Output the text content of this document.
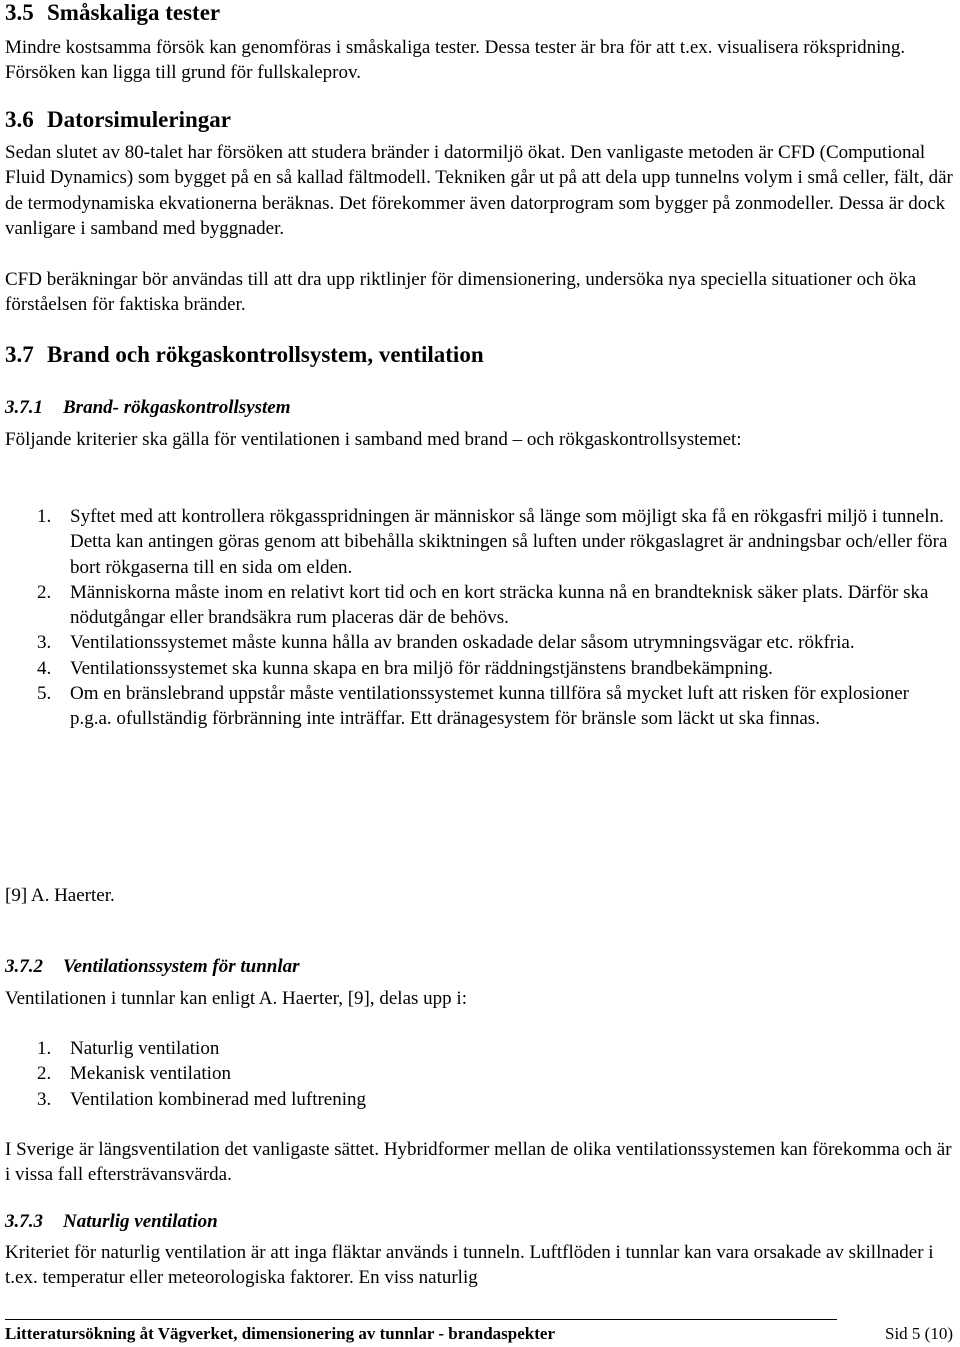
3.5 Småskaliga tester

Mindre kostsamma försök kan genomföras i småskaliga tester. Dessa tester är bra för att t.ex. visualisera rökspridning. Försöken kan ligga till grund för fullskaleprov.

3.6 Datorsimuleringar

Sedan slutet av 80-talet har försöken att studera bränder i datormiljö ökat. Den vanligaste metoden är CFD (Computional Fluid Dynamics) som bygget på en så kallad fältmodell. Tekniken går ut på att dela upp tunnelns volym i små celler, fält, där de termodynamiska ekvationerna beräknas. Det förekommer även datorprogram som bygger på zonmodeller. Dessa är dock vanligare i samband med byggnader.

CFD beräkningar bör användas till att dra upp riktlinjer för dimensionering, undersöka nya speciella situationer och öka förståelsen för faktiska bränder.

3.7 Brand och rökgaskontrollsystem, ventilation
3.7.1 Brand- rökgaskontrollsystem

Följande kriterier ska gälla för ventilationen i samband med brand – och rökgaskontrollsystemet:

1. Syftet med att kontrollera rökgasspridningen är människor så länge som möjligt ska få en rökgasfri miljö i tunneln. Detta kan antingen göras genom att bibehålla skiktningen så luften under rökgaslagret är andningsbar och/eller föra bort rökgaserna till en sida om elden.
2. Människorna måste inom en relativt kort tid och en kort sträcka kunna nå en brandteknisk säker plats. Därför ska nödutgångar eller brandsäkra rum placeras där de behövs.
3. Ventilationssystemet måste kunna hålla av branden oskadade delar såsom utrymningsvägar etc. rökfria.
4. Ventilationssystemet ska kunna skapa en bra miljö för räddningstjänstens brandbekämpning.
5. Om en bränslebrand uppstår måste ventilationssystemet kunna tillföra så mycket luft att risken för explosioner p.g.a. ofullständig förbränning inte inträffar. Ett dränagesystem för bränsle som läckt ut ska finnas.

[9] A. Haerter.

3.7.2 Ventilationssystem för tunnlar

Ventilationen i tunnlar kan enligt A. Haerter, [9], delas upp i:

1. Naturlig ventilation
2. Mekanisk ventilation
3. Ventilation kombinerad med luftrening

I Sverige är längsventilation det vanligaste sättet. Hybridformer mellan de olika ventilationssystemen kan förekomma och är i vissa fall eftersträvansvärda.

3.7.3 Naturlig ventilation

Kriteriet för naturlig ventilation är att inga fläktar används i tunneln. Luftflöden i tunnlar kan vara orsakade av skillnader i t.ex. temperatur eller meteorologiska faktorer. En viss naturlig

Litteratursökning åt Vägverket, dimensionering av tunnlar - brandaspekter	Sid 5 (10)
